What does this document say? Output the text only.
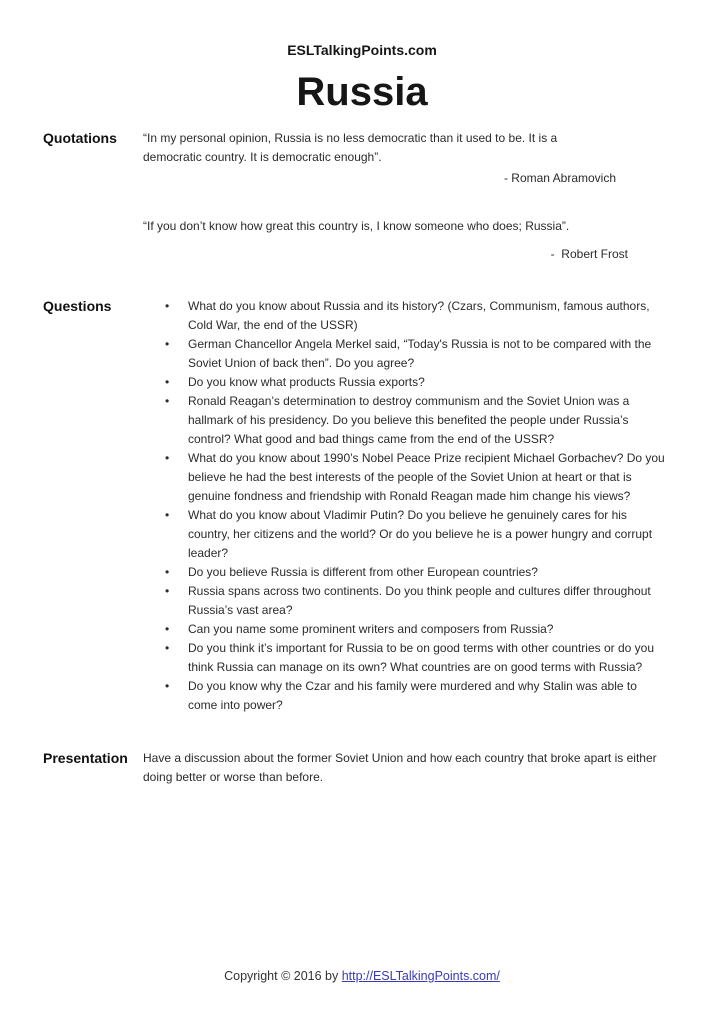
ESLTalkingPoints.com
Russia
Quotations	“In my personal opinion, Russia is no less democratic than it used to be. It is a democratic country. It is democratic enough”.

- Roman Abramovich

“If you don’t know how great this country is, I know someone who does; Russia”.

-  Robert Frost

Questions	• What do you know about Russia and its history? (Czars, Communism, famous authors, Cold War, the end of the USSR)
• German Chancellor Angela Merkel said, “Today's Russia is not to be compared with the Soviet Union of back then”. Do you agree?
• Do you know what products Russia exports?
• Ronald Reagan’s determination to destroy communism and the Soviet Union was a hallmark of his presidency. Do you believe this benefited the people under Russia’s control? What good and bad things came from the end of the USSR?
• What do you know about 1990’s Nobel Peace Prize recipient Michael Gorbachev? Do you believe he had the best interests of the people of the Soviet Union at heart or that is genuine fondness and friendship with Ronald Reagan made him change his views?
• What do you know about Vladimir Putin? Do you believe he genuinely cares for his country, her citizens and the world? Or do you believe he is a power hungry and corrupt leader?
• Do you believe Russia is different from other European countries?
• Russia spans across two continents. Do you think people and cultures differ throughout Russia’s vast area?
• Can you name some prominent writers and composers from Russia?
• Do you think it’s important for Russia to be on good terms with other countries or do you think Russia can manage on its own? What countries are on good terms with Russia?
• Do you know why the Czar and his family were murdered and why Stalin was able to come into power?
Presentation	Have a discussion about the former Soviet Union and how each country that broke apart is either doing better or worse than before.
Copyright © 2016 by http://ESLTalkingPoints.com/
